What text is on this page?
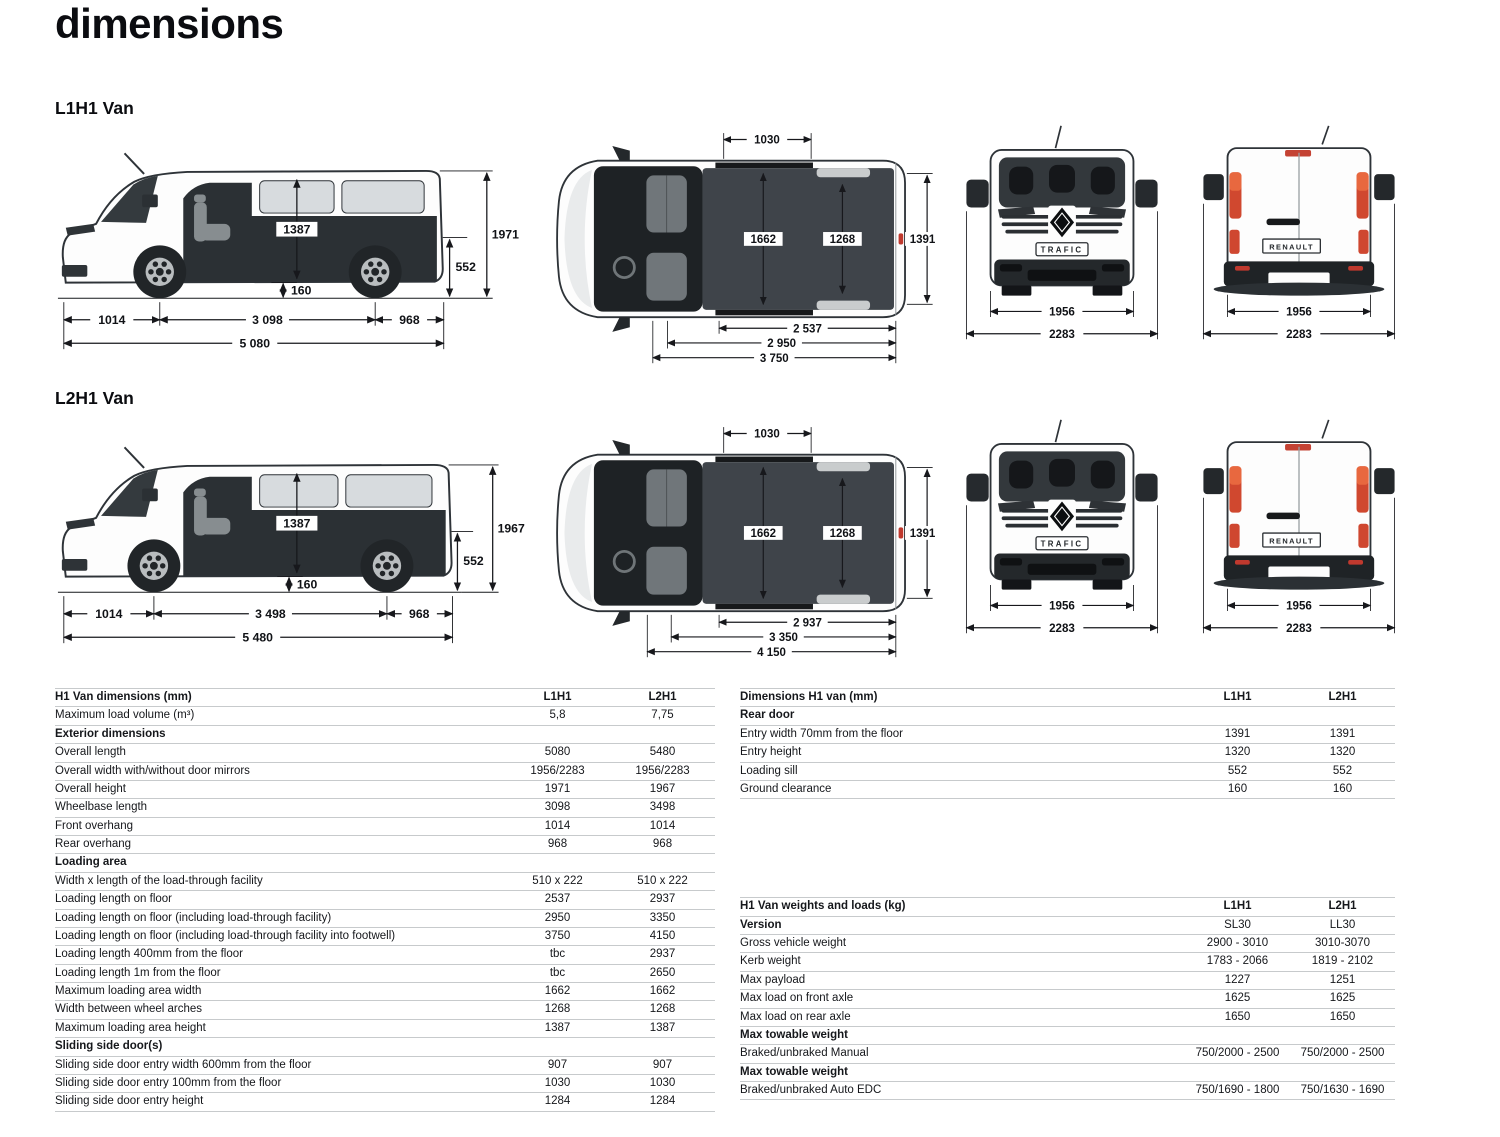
dimensions
L1H1 Van
L2H1 Van
1387	1971
552
160
1014	3 098	968
5 080
1030
1662	1268	1391
2 537
2 950
3 750
TRAFIC
1956
2283
RENAULT
1956
2283
1387	1967
552
160
1014	3 498	968
5 480
1030
1662	1268	1391
2 937
3 350
4 150
TRAFIC
1956
2283
RENAULT
1956
2283
H1 Van dimensions (mm)	L1H1	L2H1
Maximum load volume (m³)	5,8	7,75
Exterior dimensions		
Overall length	5080	5480
Overall width with/without door mirrors	1956/2283	1956/2283
Overall height	1971	1967
Wheelbase length	3098	3498
Front overhang	1014	1014
Rear overhang	968	968
Loading area		
Width x length of the load-through facility	510 x 222	510 x 222
Loading length on floor	2537	2937
Loading length on floor (including load-through facility)	2950	3350
Loading length on floor (including load-through facility into footwell)	3750	4150
Loading length 400mm from the floor	tbc	2937
Loading length 1m from the floor	tbc	2650
Maximum loading area width	1662	1662
Width between wheel arches	1268	1268
Maximum loading area height	1387	1387
Sliding side door(s)		
Sliding side door entry width 600mm from the floor	907	907
Sliding side door entry 100mm from the floor	1030	1030
Sliding side door entry height	1284	1284
Dimensions H1 van (mm)	L1H1	L2H1
Rear door		
Entry width 70mm from the floor	1391	1391
Entry height	1320	1320
Loading sill	552	552
Ground clearance	160	160
H1 Van weights and loads (kg)	L1H1	L2H1
Version	SL30	LL30
Gross vehicle weight	2900 - 3010	3010-3070
Kerb weight	1783 - 2066	1819 - 2102
Max payload	1227	1251
Max load on front axle	1625	1625
Max load on rear axle	1650	1650
Max towable weight		
Braked/unbraked Manual	750/2000 - 2500	750/2000 - 2500
Max towable weight		
Braked/unbraked Auto EDC	750/1690 - 1800	750/1630 - 1690
